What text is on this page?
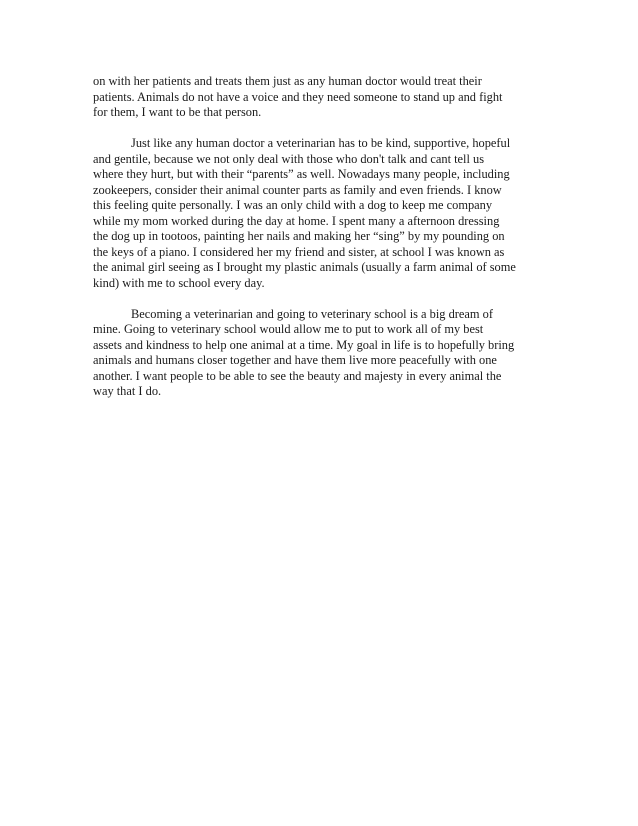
on with her patients and treats them just as any human doctor would treat their
patients. Animals do not have a voice and they need someone to stand up and fight
for them, I want to be that person.
Just like any human doctor a veterinarian has to be kind, supportive, hopeful
and gentile, because we not only deal with those who don't talk and cant tell us
where they hurt, but with their “parents” as well. Nowadays many people, including
zookeepers, consider their animal counter parts as family and even friends. I know
this feeling quite personally. I was an only child with a dog to keep me company
while my mom worked during the day at home. I spent many a afternoon dressing
the dog up in tootoos, painting her nails and making her “sing” by my pounding on
the keys of a piano. I considered her my friend and sister, at school I was known as
the animal girl seeing as I brought my plastic animals (usually a farm animal of some
kind) with me to school every day.
Becoming a veterinarian and going to veterinary school is a big dream of
mine. Going to veterinary school would allow me to put to work all of my best
assets and kindness to help one animal at a time. My goal in life is to hopefully bring
animals and humans closer together and have them live more peacefully with one
another. I want people to be able to see the beauty and majesty in every animal the
way that I do.
